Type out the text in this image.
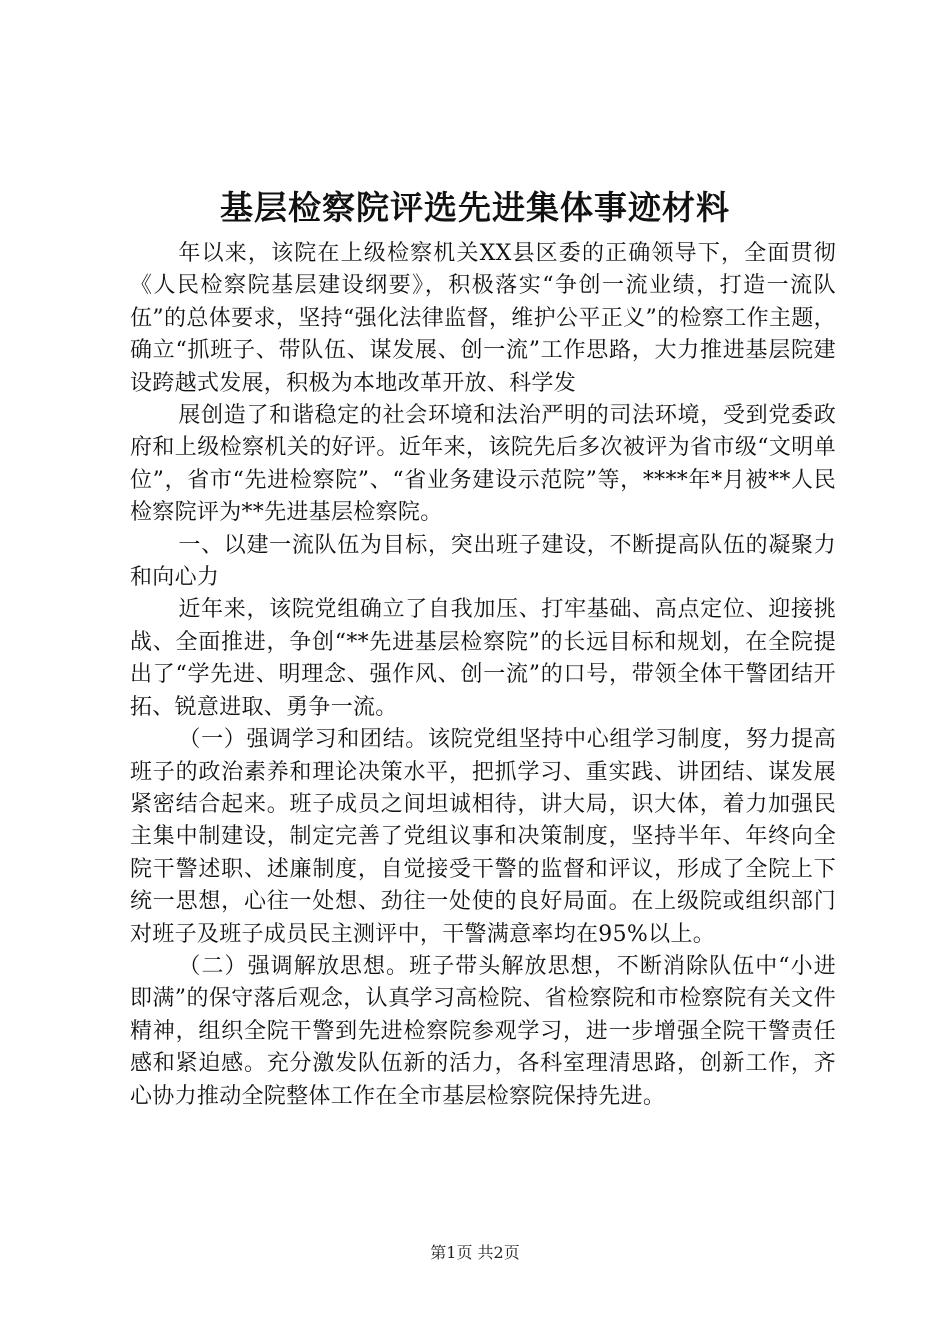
基层检察院评选先进集体事迹材料

年以来，该院在上级检察机关XX县区委的正确领导下，全面贯彻《人民检察院基层建设纲要》，积极落实“争创一流业绩，打造一流队伍”的总体要求，坚持“强化法律监督，维护公平正义”的检察工作主题，确立“抓班子、带队伍、谋发展、创一流”工作思路，大力推进基层院建设跨越式发展，积极为本地改革开放、科学发

展创造了和谐稳定的社会环境和法治严明的司法环境，受到党委政府和上级检察机关的好评。近年来，该院先后多次被评为省市级“文明单位”，省市“先进检察院”、“省业务建设示范院”等，****年*月被**人民检察院评为**先进基层检察院。

一、以建一流队伍为目标，突出班子建设，不断提高队伍的凝聚力和向心力

近年来，该院党组确立了自我加压、打牢基础、高点定位、迎接挑战、全面推进，争创“**先进基层检察院”的长远目标和规划，在全院提出了“学先进、明理念、强作风、创一流”的口号，带领全体干警团结开拓、锐意进取、勇争一流。

（一）强调学习和团结。该院党组坚持中心组学习制度，努力提高班子的政治素养和理论决策水平，把抓学习、重实践、讲团结、谋发展紧密结合起来。班子成员之间坦诚相待，讲大局，识大体，着力加强民主集中制建设，制定完善了党组议事和决策制度，坚持半年、年终向全院干警述职、述廉制度，自觉接受干警的监督和评议，形成了全院上下统一思想，心往一处想、劲往一处使的良好局面。在上级院或组织部门对班子及班子成员民主测评中，干警满意率均在95%以上。

（二）强调解放思想。班子带头解放思想，不断消除队伍中“小进即满”的保守落后观念，认真学习高检院、省检察院和市检察院有关文件精神，组织全院干警到先进检察院参观学习，进一步增强全院干警责任感和紧迫感。充分激发队伍新的活力，各科室理清思路，创新工作，齐心协力推动全院整体工作在全市基层检察院保持先进。

第1页 共2页
